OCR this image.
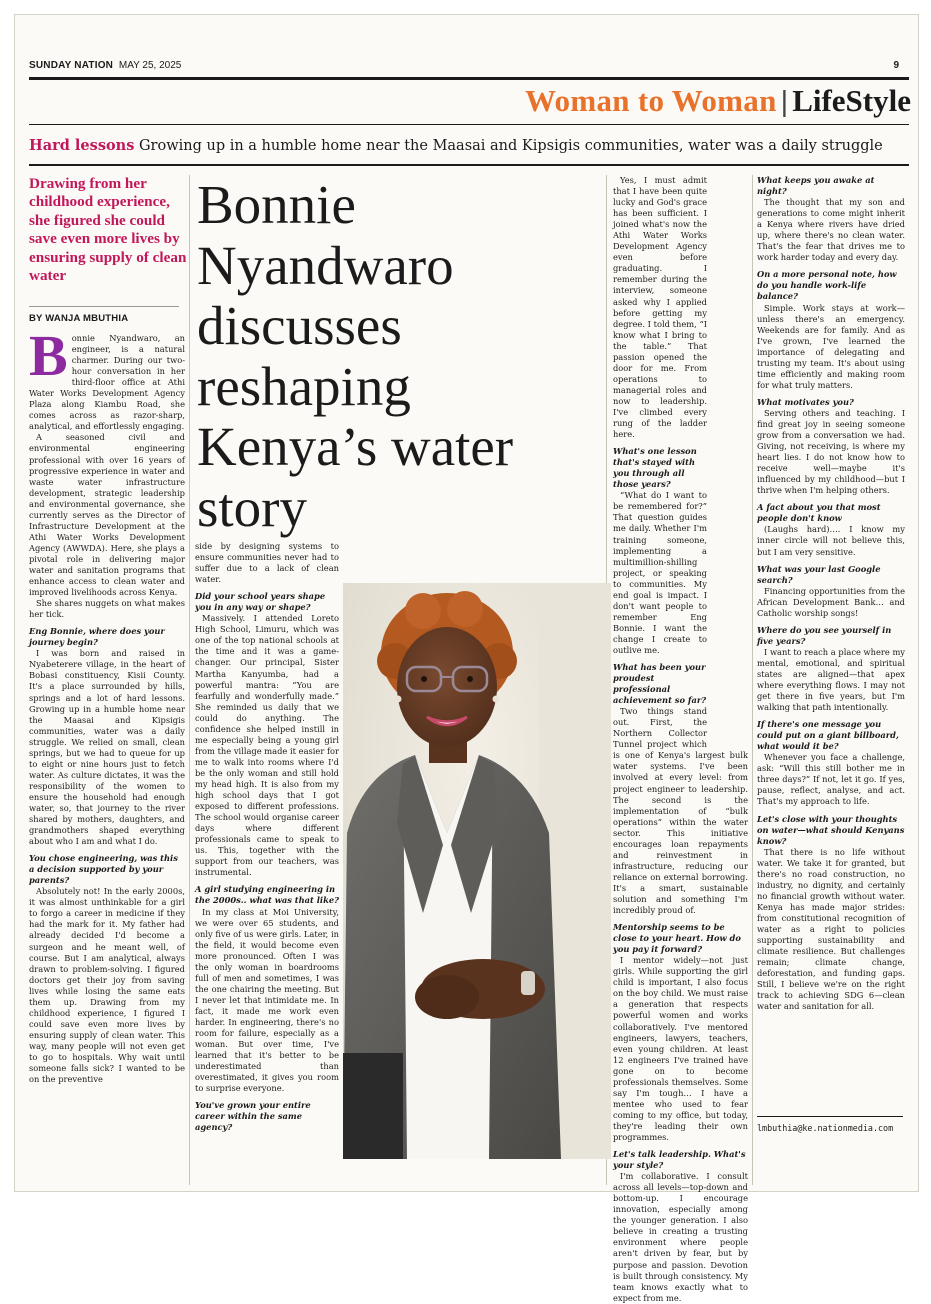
SUNDAY NATION MAY 25, 2025	9
Woman to Woman | LifeStyle
Hard lessons Growing up in a humble home near the Maasai and Kipsigis communities, water was a daily struggle
Drawing from her childhood experience, she figured she could save even more lives by ensuring supply of clean water
BY WANJA MBUTHIA

Bonnie Nyandwaro, an engineer, is a natural charmer. During our two-hour conversation in her third-floor office at Athi Water Works Development Agency Plaza along Kiambu Road, she comes across as razor-sharp, analytical, and effortlessly engaging.

A seasoned civil and environmental engineering professional with over 16 years of progressive experience in water and waste water infrastructure development, strategic leadership and environmental governance, she currently serves as the Director of Infrastructure Development at the Athi Water Works Development Agency (AWWDA). Here, she plays a pivotal role in delivering major water and sanitation programs that enhance access to clean water and improved livelihoods across Kenya.

She shares nuggets on what makes her tick.

Eng Bonnie, where does your journey begin?

I was born and raised in Nyabeterere village, in the heart of Bobasi constituency, Kisii County. It's a place surrounded by hills, springs and a lot of hard lessons. Growing up in a humble home near the Maasai and Kipsigis communities, water was a daily struggle. We relied on small, clean springs, but we had to queue for up to eight or nine hours just to fetch water. As culture dictates, it was the responsibility of the women to ensure the household had enough water, so, that journey to the river shared by mothers, daughters, and grandmothers shaped everything about who I am and what I do.

You chose engineering, was this a decision supported by your parents?

Absolutely not! In the early 2000s, it was almost unthinkable for a girl to forgo a career in medicine if they had the mark for it. My father had already decided I'd become a surgeon and he meant well, of course. But I am analytical, always drawn to problem-solving. I figured doctors get their joy from saving lives while losing the same eats them up. Drawing from my childhood experience, I figured I could save even more lives by ensuring supply of clean water. This way, many people will not even get to go to hospitals. Why wait until someone falls sick? I wanted to be on the preventive

Bonnie Nyandwaro discusses reshaping Kenya’s water story

side by designing systems to ensure communities never had to suffer due to a lack of clean water.

Did your school years shape you in any way or shape?

Massively. I attended Loreto High School, Limuru, which was one of the top national schools at the time and it was a game-changer. Our principal, Sister Martha Kanyumba, had a powerful mantra: “You are fearfully and wonderfully made.” She reminded us daily that we could do anything. The confidence she helped instill in me especially being a young girl from the village made it easier for me to walk into rooms where I'd be the only woman and still hold my head high. It is also from my high school days that I got exposed to different professions. The school would organise career days where different professionals came to speak to us. This, together with the support from our teachers, was instrumental.

A girl studying engineering in the 2000s.. what was that like?

In my class at Moi University, we were over 65 students, and only five of us were girls. Later, in the field, it would become even more pronounced. Often I was the only woman in boardrooms full of men and sometimes, I was the one chairing the meeting. But I never let that intimidate me. In fact, it made me work even harder. In engineering, there's no room for failure, especially as a woman. But over time, I've learned that it's better to be underestimated than overestimated, it gives you room to surprise everyone.

You've grown your entire career within the same agency?

Yes, I must admit that I have been quite lucky and God's grace has been sufficient. I joined what's now the Athi Water Works Development Agency even before graduating. I remember during the interview, someone asked why I applied before getting my degree. I told them, “I know what I bring to the table.” That passion opened the door for me. From operations to managerial roles and now to leadership. I've climbed every rung of the ladder here.

What's one lesson that's stayed with you through all those years?

“What do I want to be remembered for?” That question guides me daily. Whether I'm training someone, implementing a multimillion-shilling project, or speaking to communities. My end goal is impact. I don't want people to remember Eng Bonnie. I want the change I create to outlive me.

What has been your proudest professional achievement so far?

Two things stand out. First, the Northern Collector Tunnel project which is one of Kenya's largest bulk water systems. I've been involved at every level: from project engineer to leadership. The second is the implementation of “bulk operations” within the water sector. This initiative encourages loan repayments and reinvestment in infrastructure, reducing our reliance on external borrowing. It's a smart, sustainable solution and something I'm incredibly proud of.

Mentorship seems to be close to your heart. How do you pay it forward?

I mentor widely—not just girls. While supporting the girl child is important, I also focus on the boy child. We must raise a generation that respects powerful women and works collaboratively. I've mentored engineers, lawyers, teachers, even young children. At least 12 engineers I've trained have gone on to become professionals themselves. Some say I'm tough… I have a mentee who used to fear coming to my office, but today, they're leading their own programmes.

Let's talk leadership. What's your style?

I'm collaborative. I consult across all levels—top-down and bottom-up. I encourage innovation, especially among the younger generation. I also believe in creating a trusting environment where people aren't driven by fear, but by purpose and passion. Devotion is built through consistency. My team knows exactly what to expect from me.

What keeps you awake at night?

The thought that my son and generations to come might inherit a Kenya where rivers have dried up, where there's no clean water. That's the fear that drives me to work harder today and every day.

On a more personal note, how do you handle work-life balance?

Simple. Work stays at work—unless there's an emergency. Weekends are for family. And as I've grown, I've learned the importance of delegating and trusting my team. It's about using time efficiently and making room for what truly matters.

What motivates you?

Serving others and teaching. I find great joy in seeing someone grow from a conversation we had. Giving, not receiving, is where my heart lies. I do not know how to receive well—maybe it's influenced by my childhood—but I thrive when I'm helping others.

A fact about you that most people don't know

(Laughs hard)…. I know my inner circle will not believe this, but I am very sensitive.

What was your last Google search?

Financing opportunities from the African Development Bank… and Catholic worship songs!

Where do you see yourself in five years?

I want to reach a place where my mental, emotional, and spiritual states are aligned—that apex where everything flows. I may not get there in five years, but I'm walking that path intentionally.

If there's one message you could put on a giant billboard, what would it be?

Whenever you face a challenge, ask: “Will this still bother me in three days?” If not, let it go. If yes, pause, reflect, analyse, and act. That's my approach to life.

Let's close with your thoughts on water—what should Kenyans know?

That there is no life without water. We take it for granted, but there's no road construction, no industry, no dignity, and certainly no financial growth without water. Kenya has made major strides: from constitutional recognition of water as a right to policies supporting sustainability and climate resilience. But challenges remain; climate change, deforestation, and funding gaps. Still, I believe we're on the right track to achieving SDG 6—clean water and sanitation for all.

lmbuthia@ke.nationmedia.com
